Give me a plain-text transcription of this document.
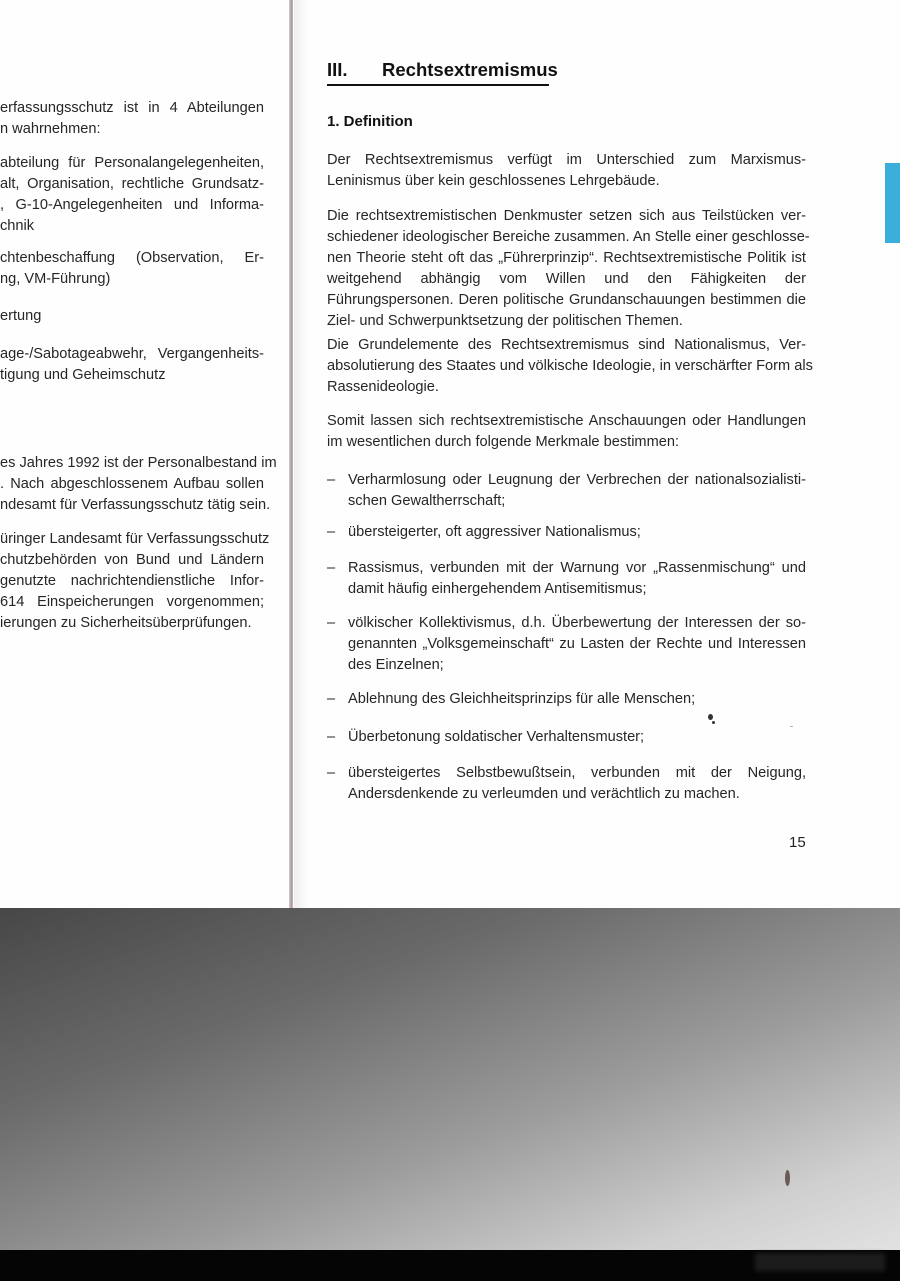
erfassungsschutz ist in 4 Abteilungen
n wahrnehmen:
abteilung für Personalangelegenheiten,
alt, Organisation, rechtliche Grundsatz-
, G-10-Angelegenheiten und Informa-
chnik
chtenbeschaffung (Observation, Er-
ng, VM-Führung)
ertung
age-/Sabotageabwehr, Vergangenheits-
tigung und Geheimschutz
es Jahres 1992 ist der Personalbestand im
. Nach abgeschlossenem Aufbau sollen
ndesamt für Verfassungsschutz tätig sein.
üringer Landesamt für Verfassungsschutz
chutzbehörden von Bund und Ländern
genutzte nachrichtendienstliche Infor-
614 Einspeicherungen vorgenommen;
ierungen zu Sicherheitsüberprüfungen.
III. Rechtsextremismus
1. Definition
Der Rechtsextremismus verfügt im Unterschied zum Marxismus-
Leninismus über kein geschlossenes Lehrgebäude.
Die rechtsextremistischen Denkmuster setzen sich aus Teilstücken ver-
schiedener ideologischer Bereiche zusammen. An Stelle einer geschlosse-
nen Theorie steht oft das „Führerprinzip“. Rechtsextremistische Politik ist
weitgehend abhängig vom Willen und den Fähigkeiten der
Führungspersonen. Deren politische Grundanschauungen bestimmen die
Ziel- und Schwerpunktsetzung der politischen Themen.
Die Grundelemente des Rechtsextremismus sind Nationalismus, Ver-
absolutierung des Staates und völkische Ideologie, in verschärfter Form als
Rassenideologie.
Somit lassen sich rechtsextremistische Anschauungen oder Handlungen
im wesentlichen durch folgende Merkmale bestimmen:
– Verharmlosung oder Leugnung der Verbrechen der nationalsozialisti-
schen Gewaltherrschaft;
– übersteigerter, oft aggressiver Nationalismus;
– Rassismus, verbunden mit der Warnung vor „Rassenmischung“ und
damit häufig einhergehendem Antisemitismus;
– völkischer Kollektivismus, d.h. Überbewertung der Interessen der so-
genannten „Volksgemeinschaft“ zu Lasten der Rechte und Interessen
des Einzelnen;
– Ablehnung des Gleichheitsprinzips für alle Menschen;
– Überbetonung soldatischer Verhaltensmuster;
– übersteigertes Selbstbewußtsein, verbunden mit der Neigung,
Andersdenkende zu verleumden und verächtlich zu machen.
15
